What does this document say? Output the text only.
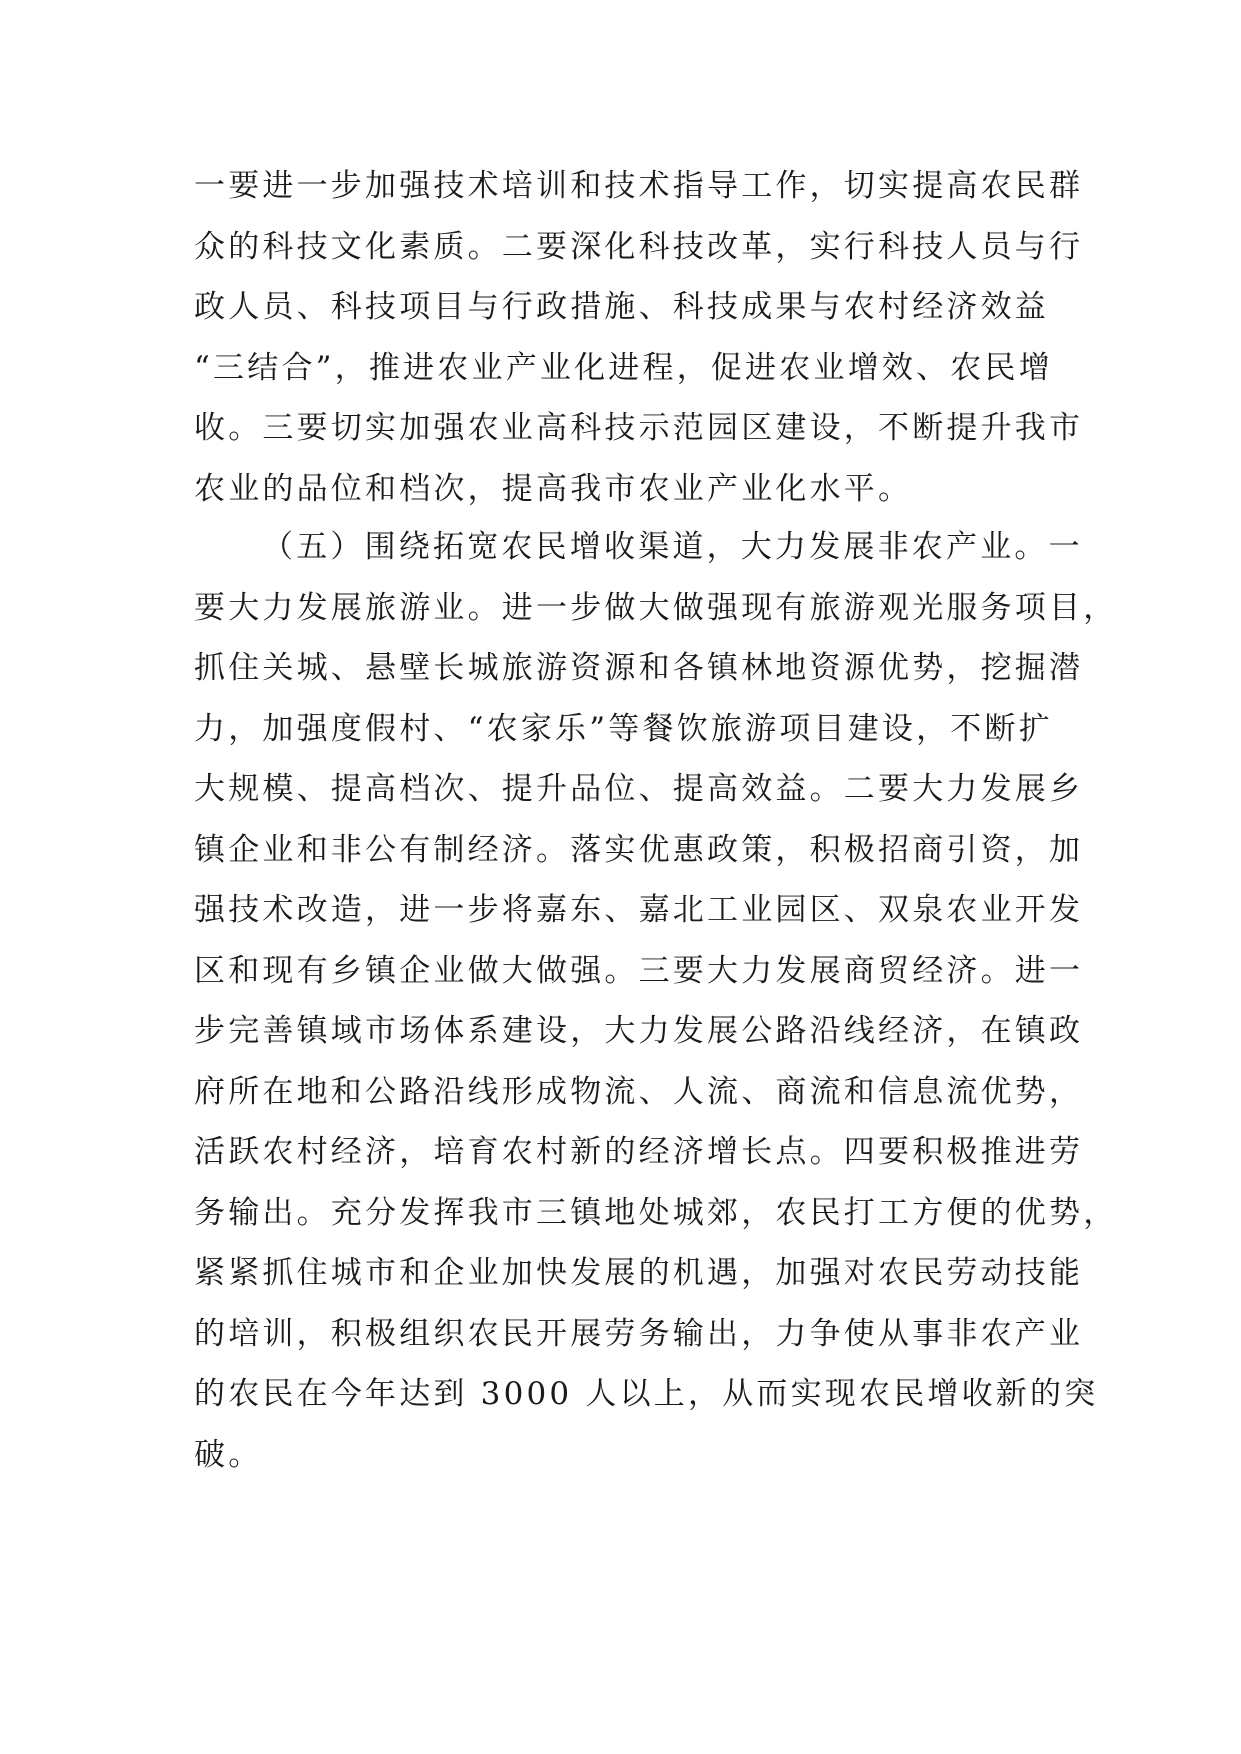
一要进一步加强技术培训和技术指导工作，切实提高农民群
众的科技文化素质。二要深化科技改革，实行科技人员与行
政人员、科技项目与行政措施、科技成果与农村经济效益
“三结合”，推进农业产业化进程，促进农业增效、农民增
收。三要切实加强农业高科技示范园区建设，不断提升我市
农业的品位和档次，提高我市农业产业化水平。
（五）围绕拓宽农民增收渠道，大力发展非农产业。一
要大力发展旅游业。进一步做大做强现有旅游观光服务项目，
抓住关城、悬壁长城旅游资源和各镇林地资源优势，挖掘潜
力，加强度假村、“农家乐”等餐饮旅游项目建设，不断扩
大规模、提高档次、提升品位、提高效益。二要大力发展乡
镇企业和非公有制经济。落实优惠政策，积极招商引资，加
强技术改造，进一步将嘉东、嘉北工业园区、双泉农业开发
区和现有乡镇企业做大做强。三要大力发展商贸经济。进一
步完善镇域市场体系建设，大力发展公路沿线经济，在镇政
府所在地和公路沿线形成物流、人流、商流和信息流优势，
活跃农村经济，培育农村新的经济增长点。四要积极推进劳
务输出。充分发挥我市三镇地处城郊，农民打工方便的优势，
紧紧抓住城市和企业加快发展的机遇，加强对农民劳动技能
的培训，积极组织农民开展劳务输出，力争使从事非农产业
的农民在今年达到 3000 人以上，从而实现农民增收新的突
破。
